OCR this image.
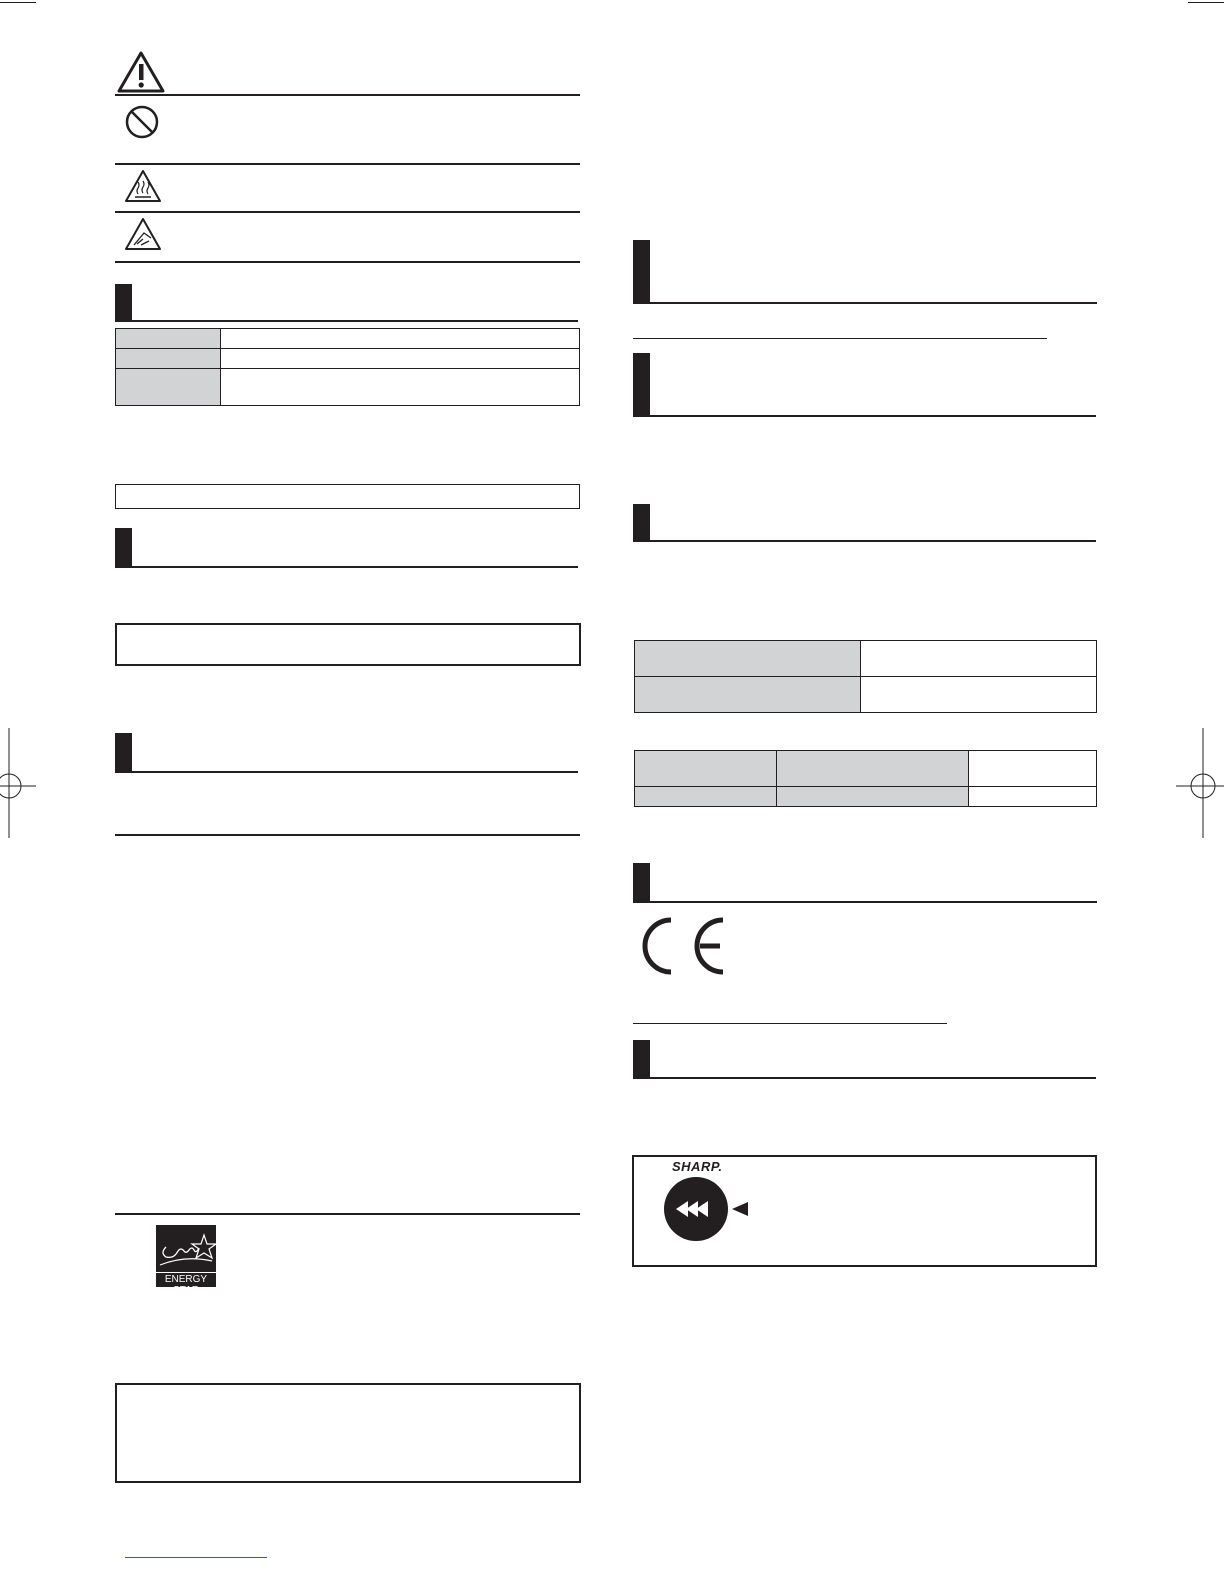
ENERGY STAR

SHARP.
